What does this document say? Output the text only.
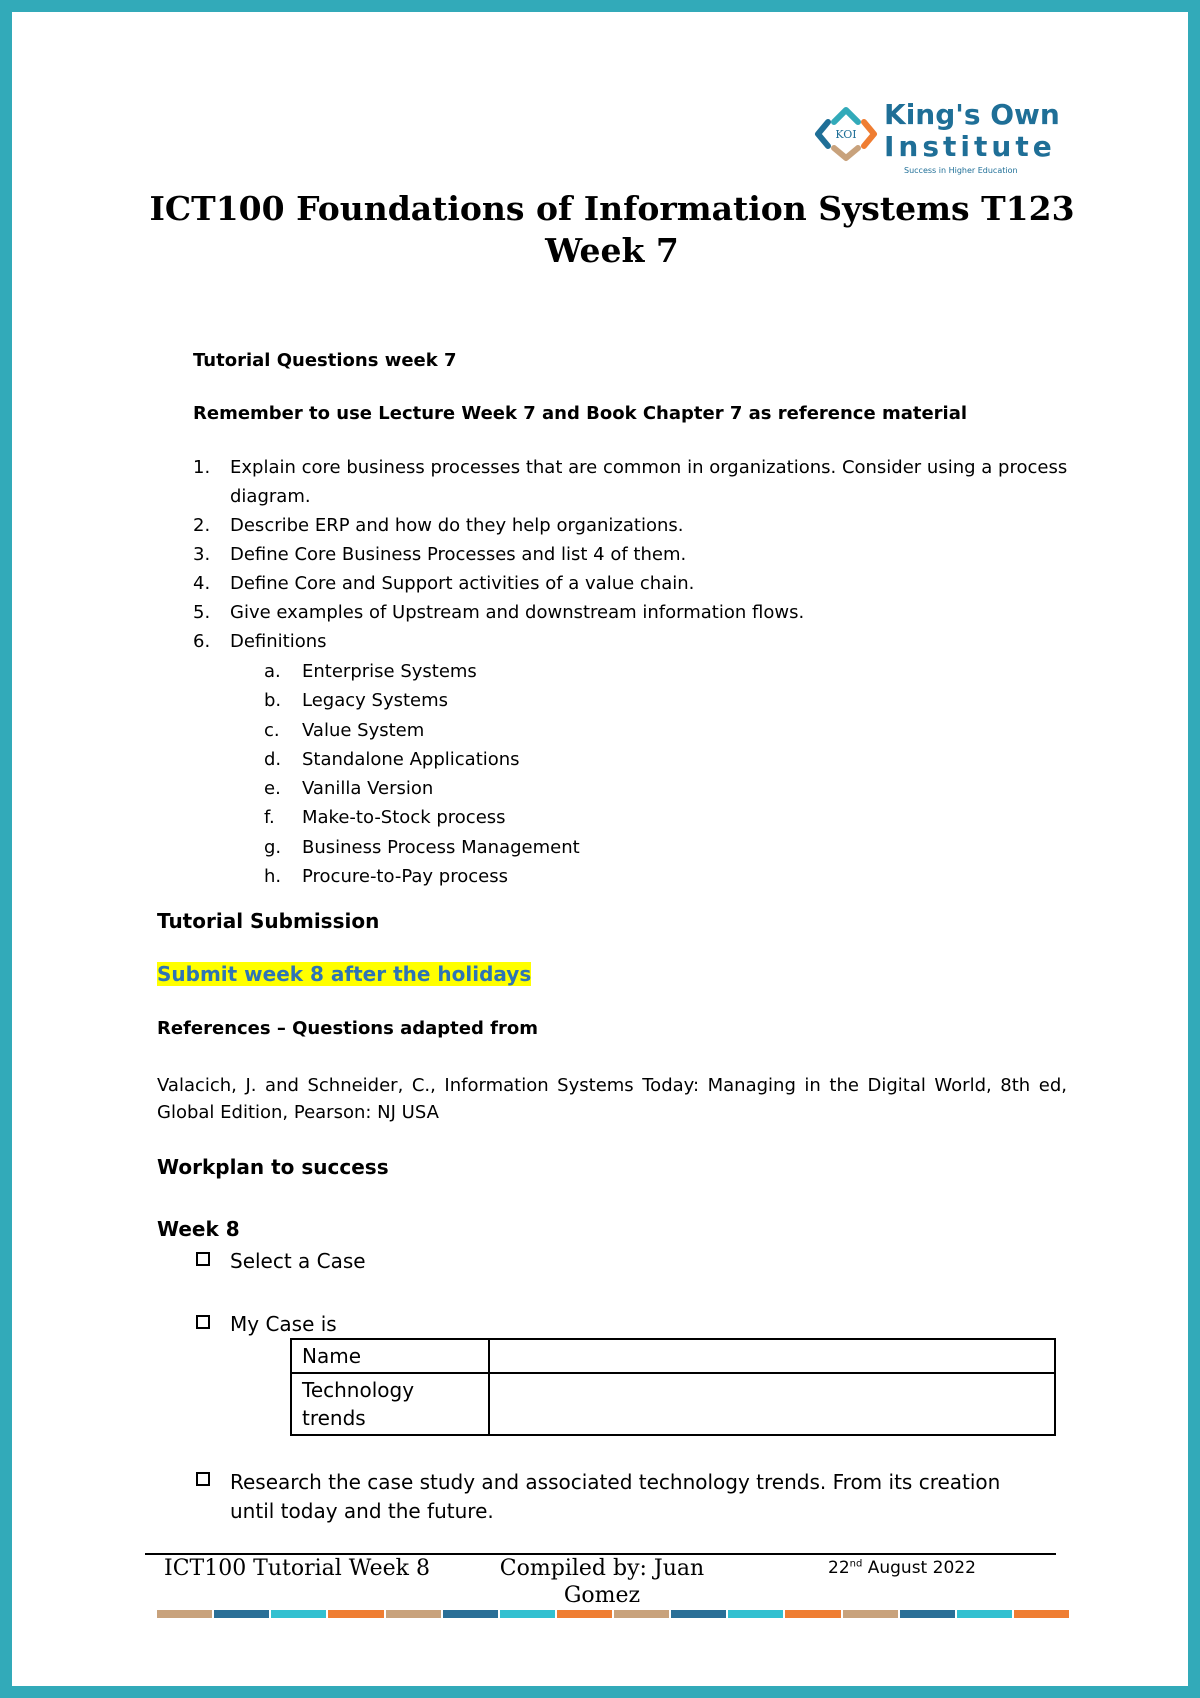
KOI
King's Own
Institute
Success in Higher Education
ICT100 Foundations of Information Systems T123
Week 7
Tutorial Questions week 7
Remember to use Lecture Week 7 and Book Chapter 7 as reference material
1. Explain core business processes that are common in organizations. Consider using a process diagram.
2. Describe ERP and how do they help organizations.
3. Define Core Business Processes and list 4 of them.
4. Define Core and Support activities of a value chain.
5. Give examples of Upstream and downstream information flows.
6. Definitions
a. Enterprise Systems
b. Legacy Systems
c. Value System
d. Standalone Applications
e. Vanilla Version
f. Make-to-Stock process
g. Business Process Management
h. Procure-to-Pay process
Tutorial Submission
Submit week 8 after the holidays
References – Questions adapted from
Valacich, J. and Schneider, C., Information Systems Today: Managing in the Digital World, 8th ed, Global Edition, Pearson: NJ USA
Workplan to success
Week 8
Select a Case
My Case is
Name	
Technology trends	
Research the case study and associated technology trends. From its creation until today and the future.
ICT100 Tutorial Week 8	Compiled by: Juan Gomez
22nd August 2022
